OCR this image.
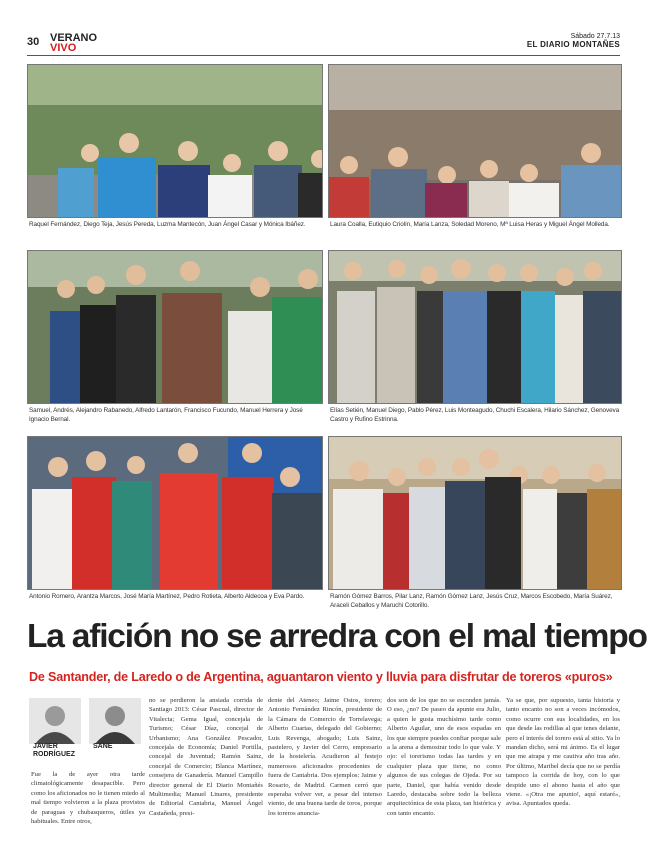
30 VERANO
VIVO
Sábado 27.7.13
EL DIARIO MONTAÑES
Raquel Fernández, Diego Teja, Jesús Pereda, Luzma Mantecón, Juan Ángel Casar y Mónica Ibáñez.	Laura Coalla, Eutiquio Criolín, María Lanza, Soledad Moreno, Mª Luisa Heras y Miguel Ángel Molleda.
Samuel, Andrés, Alejandro Rabanedo, Alfredo Lantarón, Francisco Fucundo, Manuel Herrera y José Ignacio Bernal.
Elías Setién, Manuel Diego, Pablo Pérez, Luis Monteagudo, Chuchi Escalera, Hilario Sánchez, Genoveva Castro y Rufino Estrinna.
Antonio Romero, Arantza Marcos, José María Martínez, Pedro Rotieta, Alberto Aldecoa y Eva Pardo.	Ramón Gómez Barros, Pilar Lanz, Ramón Gómez Lanz, Jesús Cruz, Marcos Escobedo, María Suárez, Araceli Ceballos y Maruchi Cotorillo.
La afición no se arredra con el mal tiempo
De Santander, de Laredo o de Argentina, aguantaron viento y lluvia para disfrutar de toreros «puros»
JAVIER
RODRÍGUEZ
SANE
Fue la de ayer otra tarde climatológicamente desapacible. Pero como los aficionados no le tienen miedo al mal tiempo volvieron a la plaza provistos de paraguas y chubasqueros, útiles ya habituales. Entre otros,
no se perdieron la ansiada corrida de Santiago 2013: César Pascual, director de Vitalecta; Gema Igual, concejala de Turismo; César Díaz, concejal de Urbanismo; Ana González Pescador, concejala de Economía; Daniel Portilla, concejal de Juventud; Ramón Sainz, concejal de Comercio; Blanca Martínez, consejera de Ganadería. Manuel Campillo director general de El Diario Montañés Multimedia; Manuel Linares, presidente de Editorial Cantabria, Manuel Ángel Castañeda, presi-
dente del Ateneo; Jaime Ostos, torero; Antonio Fernández Rincón, presidente de la Cámara de Comercio de Torrelavega; Alberto Cuartas, delegado del Gobierno; Luis Revenga, abogado; Luis Sainz, pastelero, y Javier del Cerro, empresario de la hostelería. Acudieron al festejo numerosos aficionados procedentes de fuera de Cantabria. Dos ejemplos: Jaime y Rosario, de Madrid. Carmen cerró que esperaba volver ver, a pesar del intenso viento, de una buena tarde de toros, porque los toreros anuncia-
dos son de los que no se esconden jamás. O eso, ¿no? De paseo da apunte era Julio, a quien le gusta muchísimo tarde como Alberto Aguilar, uno de esos espadas en los que siempre puedes confiar porque sale a la arena a demostrar todo lo que vale. Y ojo: el torerismo todas las tardes y en cualquier plaza que tiene, no como algunos de sus colegas de Ojeda. Por su parte, Daniel, que había venido desde Laredo, destacaba sobre todo la belleza arquitectónica de esta plaza, tan histórica y con tanto encanto.
Ya se que, por supuesto, tanta historia y tanto encanto no son a veces incómodos, como ocurre con sus localidades, en los que desde las rodillas al que tenes delante, pero el interés del torero está al sitio. Ya lo mandan dicho, será mi ánimo. Es el lugar que me atrapa y me cautiva año tras año. Por último, Maribel decía que no se perdía tampoco la corrida de hoy, con lo que despide uno el abono hasta el año que viene. «¡Otra me apunto!, aquí estaré», avisa. Apuntados queda.
